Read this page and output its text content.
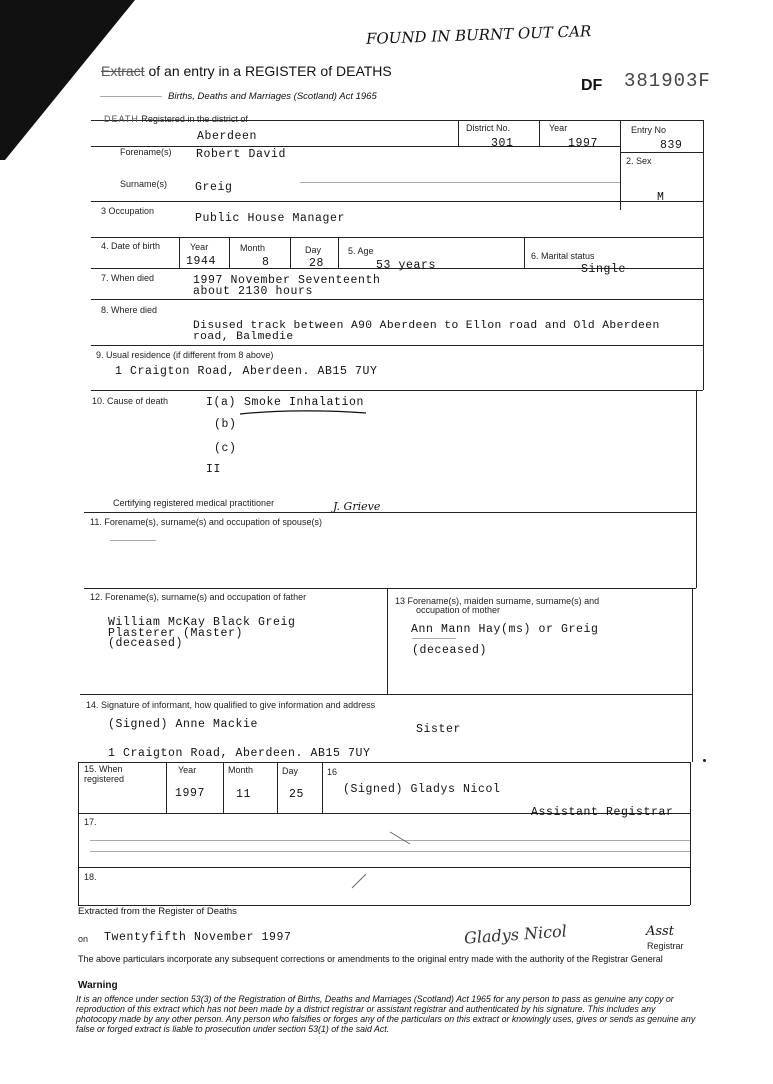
FOUND IN BURNT OUT CAR
Extract of an entry in a REGISTER of DEATHS
Births, Deaths and Marriages (Scotland) Act 1965
DF 381903F
DEATH Registered in the district of
Aberdeen
District No.
301
Year
1997
Entry No
839
Forename(s) Robert David
Surname(s) Greig
2. Sex
M
3 Occupation
Public House Manager
4. Date of birth	Year
1944
Month
8
Day
28
5. Age
53 years
6. Marital status
Single
7. When died	1997 November Seventeenth
about 2130 hours
8. Where died
Disused track between A90 Aberdeen to Ellon road and Old Aberdeen
road, Balmedie
9. Usual residence (if different from 8 above)
1 Craigton Road, Aberdeen. AB15 7UY
10. Cause of death	I(a) Smoke Inhalation
(b)
(c)
II
Certifying registered medical practitioner	J. Grieve
11. Forename(s), surname(s) and occupation of spouse(s)
12. Forename(s), surname(s) and occupation of father
William McKay Black Greig
Plasterer (Master)
(deceased)
13 Forename(s), maiden surname, surname(s) and
occupation of mother
Ann Mann Hay(ms) or Greig
(deceased)
14. Signature of informant, how qualified to give information and address
(Signed) Anne Mackie	Sister
1 Craigton Road, Aberdeen. AB15 7UY
15. When registered
Year
1997
Month
11
Day
25
16
(Signed) Gladys Nicol
Assistant Registrar
17.
18.
Extracted from the Register of Deaths
on Twentyfifth November 1997	Gladys Nicol	Asst
Registrar
The above particulars incorporate any subsequent corrections or amendments to the original entry made with the authority of the Registrar General
Warning
It is an offence under section 53(3) of the Registration of Births, Deaths and Marriages (Scotland) Act 1965 for any person to pass as genuine any copy or reproduction of this extract which has not been made by a district registrar or assistant registrar and authenticated by his signature. This includes any photocopy made by any other person. Any person who falsifies or forges any of the particulars on this extract or knowingly uses, gives or sends as genuine any false or forged extract is liable to prosecution under section 53(1) of the said Act.
